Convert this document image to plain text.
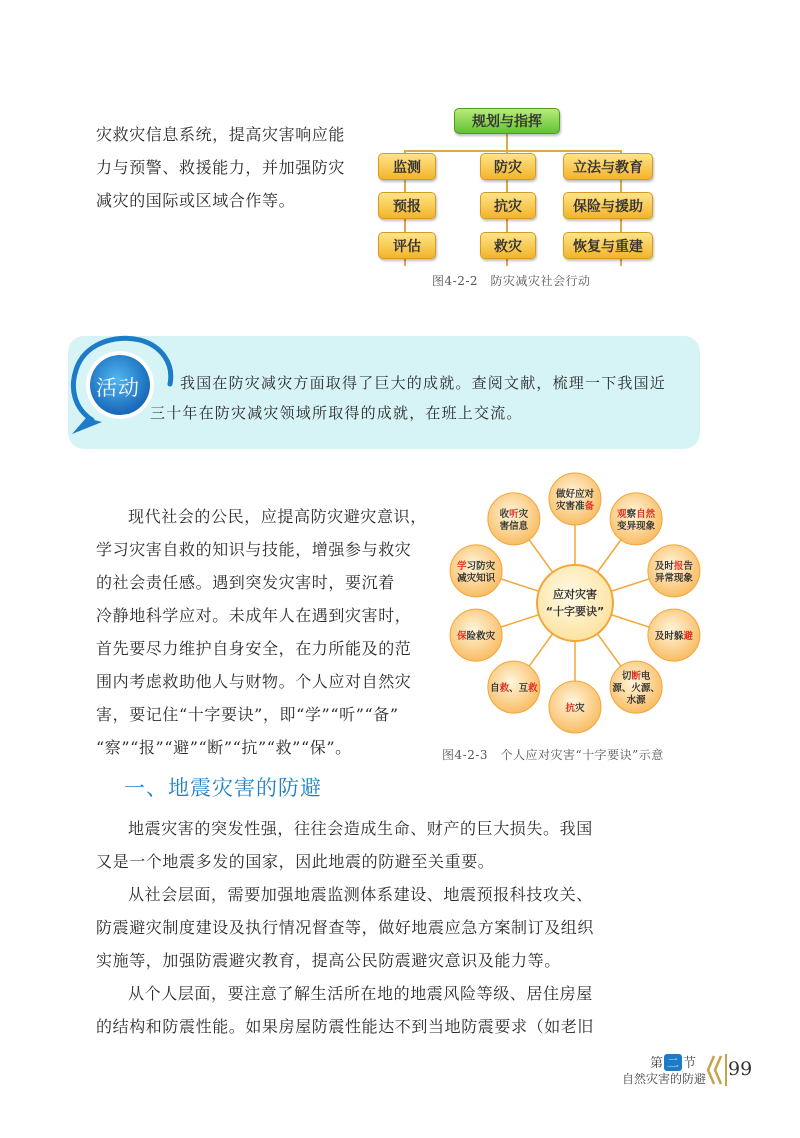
灾救灾信息系统，提高灾害响应能
力与预警、救援能力，并加强防灾
减灾的国际或区域合作等。
规划与指挥
监测
预报
评估
防灾
抗灾
救灾
立法与教育
保险与援助
恢复与重建
图4-2-2　防灾减灾社会行动
活动	我国在防灾减灾方面取得了巨大的成就。查阅文献，梳理一下我国近
三十年在防灾减灾领域所取得的成就，在班上交流。
现代社会的公民，应提高防灾避灾意识，
学习灾害自救的知识与技能，增强参与救灾
的社会责任感。遇到突发灾害时，要沉着
冷静地科学应对。未成年人在遇到灾害时，
首先要尽力维护自身安全，在力所能及的范
围内考虑救助他人与财物。个人应对自然灾
害，要记住“十字要诀”，即“学”“听”“备”
“察”“报”“避”“断”“抗”“救”“保”。
做好应对
灾害准备
观察自然
变异现象
及时报告
异常现象
及时躲避
切断电
源、火源、
水源
抗灾
自救、互救
保险救灾
学习防灾
减灾知识
收听灾
害信息
应对灾害
“十字要诀”
图4-2-3　个人应对灾害“十字要诀”示意
一、地震灾害的防避
地震灾害的突发性强，往往会造成生命、财产的巨大损失。我国
又是一个地震多发的国家，因此地震的防避至关重要。
从社会层面，需要加强地震监测体系建设、地震预报科技攻关、
防震避灾制度建设及执行情况督查等，做好地震应急方案制订及组织
实施等，加强防震避灾教育，提高公民防震避灾意识及能力等。
从个人层面，要注意了解生活所在地的地震风险等级、居住房屋
的结构和防震性能。如果房屋防震性能达不到当地防震要求（如老旧
第 二 节
自然灾害的防避 99
